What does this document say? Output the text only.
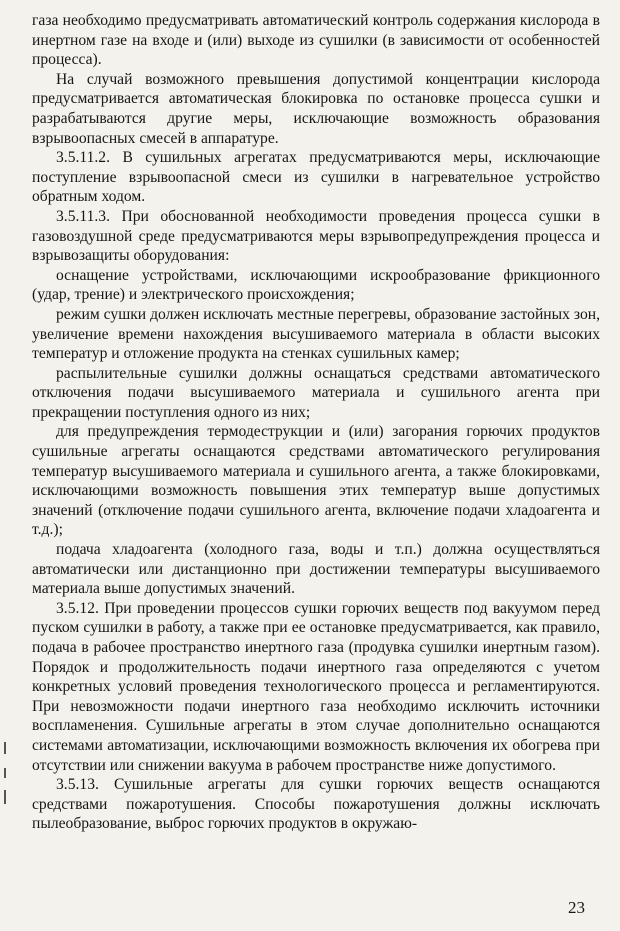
газа необходимо предусматривать автоматический контроль содержания кислорода в инертном газе на входе и (или) выходе из сушилки (в зависимости от особенностей процесса).

На случай возможного превышения допустимой концентрации кислорода предусматривается автоматическая блокировка по остановке процесса сушки и разрабатываются другие меры, исключающие возможность образования взрывоопасных смесей в аппаратуре.

3.5.11.2. В сушильных агрегатах предусматриваются меры, исключающие поступление взрывоопасной смеси из сушилки в нагревательное устройство обратным ходом.

3.5.11.3. При обоснованной необходимости проведения процесса сушки в газовоздушной среде предусматриваются меры взрывопредупреждения процесса и взрывозащиты оборудования:

оснащение устройствами, исключающими искрообразование фрикционного (удар, трение) и электрического происхождения;

режим сушки должен исключать местные перегревы, образование застойных зон, увеличение времени нахождения высушиваемого материала в области высоких температур и отложение продукта на стенках сушильных камер;

распылительные сушилки должны оснащаться средствами автоматического отключения подачи высушиваемого материала и сушильного агента при прекращении поступления одного из них;

для предупреждения термодеструкции и (или) загорания горючих продуктов сушильные агрегаты оснащаются средствами автоматического регулирования температур высушиваемого материала и сушильного агента, а также блокировками, исключающими возможность повышения этих температур выше допустимых значений (отключение подачи сушильного агента, включение подачи хладоагента и т.д.);

подача хладоагента (холодного газа, воды и т.п.) должна осуществляться автоматически или дистанционно при достижении температуры высушиваемого материала выше допустимых значений.

3.5.12. При проведении процессов сушки горючих веществ под вакуумом перед пуском сушилки в работу, а также при ее остановке предусматривается, как правило, подача в рабочее пространство инертного газа (продувка сушилки инертным газом). Порядок и продолжительность подачи инертного газа определяются с учетом конкретных условий проведения технологического процесса и регламентируются. При невозможности подачи инертного газа необходимо исключить источники воспламенения. Сушильные агрегаты в этом случае дополнительно оснащаются системами автоматизации, исключающими возможность включения их обогрева при отсутствии или снижении вакуума в рабочем пространстве ниже допустимого.

3.5.13. Сушильные агрегаты для сушки горючих веществ оснащаются средствами пожаротушения. Способы пожаротушения должны исключать пылеобразование, выброс горючих продуктов в окружаю-

23
